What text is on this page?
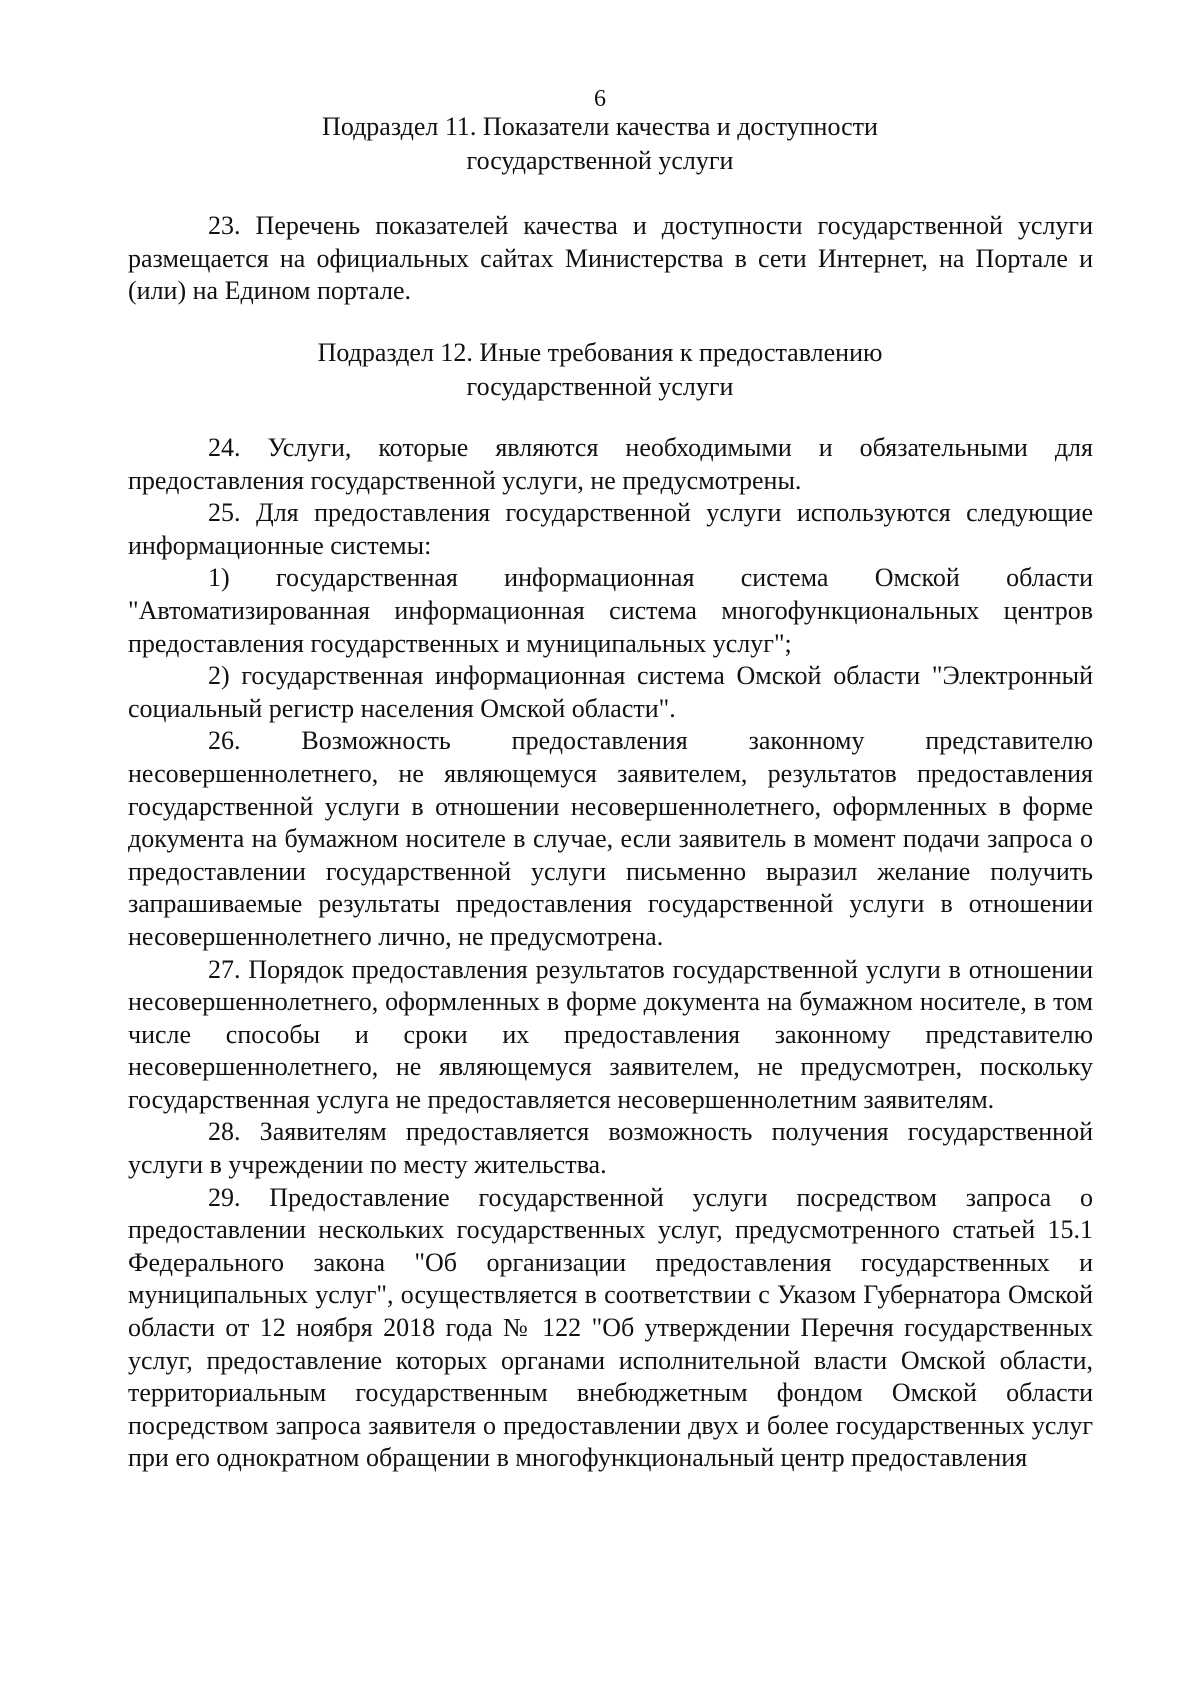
6
Подраздел 11. Показатели качества и доступности
государственной услуги

23. Перечень показателей качества и доступности государственной услуги размещается на официальных сайтах Министерства в сети Интернет, на Портале и (или) на Едином портале.

Подраздел 12. Иные требования к предоставлению
государственной услуги

24. Услуги, которые являются необходимыми и обязательными для предоставления государственной услуги, не предусмотрены.

25. Для предоставления государственной услуги используются следующие информационные системы:

1) государственная информационная система Омской области "Автоматизированная информационная система многофункциональных центров предоставления государственных и муниципальных услуг";

2) государственная информационная система Омской области "Электронный социальный регистр населения Омской области".

26. Возможность предоставления законному представителю несовершеннолетнего, не являющемуся заявителем, результатов предоставления государственной услуги в отношении несовершеннолетнего, оформленных в форме документа на бумажном носителе в случае, если заявитель в момент подачи запроса о предоставлении государственной услуги письменно выразил желание получить запрашиваемые результаты предоставления государственной услуги в отношении несовершеннолетнего лично, не предусмотрена.

27. Порядок предоставления результатов государственной услуги в отношении несовершеннолетнего, оформленных в форме документа на бумажном носителе, в том числе способы и сроки их предоставления законному представителю несовершеннолетнего, не являющемуся заявителем, не предусмотрен, поскольку государственная услуга не предоставляется несовершеннолетним заявителям.

28. Заявителям предоставляется возможность получения государственной услуги в учреждении по месту жительства.

29. Предоставление государственной услуги посредством запроса о предоставлении нескольких государственных услуг, предусмотренного статьей 15.1 Федерального закона "Об организации предоставления государственных и муниципальных услуг", осуществляется в соответствии с Указом Губернатора Омской области от 12 ноября 2018 года № 122 "Об утверждении Перечня государственных услуг, предоставление которых органами исполнительной власти Омской области, территориальным государственным внебюджетным фондом Омской области посредством запроса заявителя о предоставлении двух и более государственных услуг при его однократном обращении в многофункциональный центр предоставления
